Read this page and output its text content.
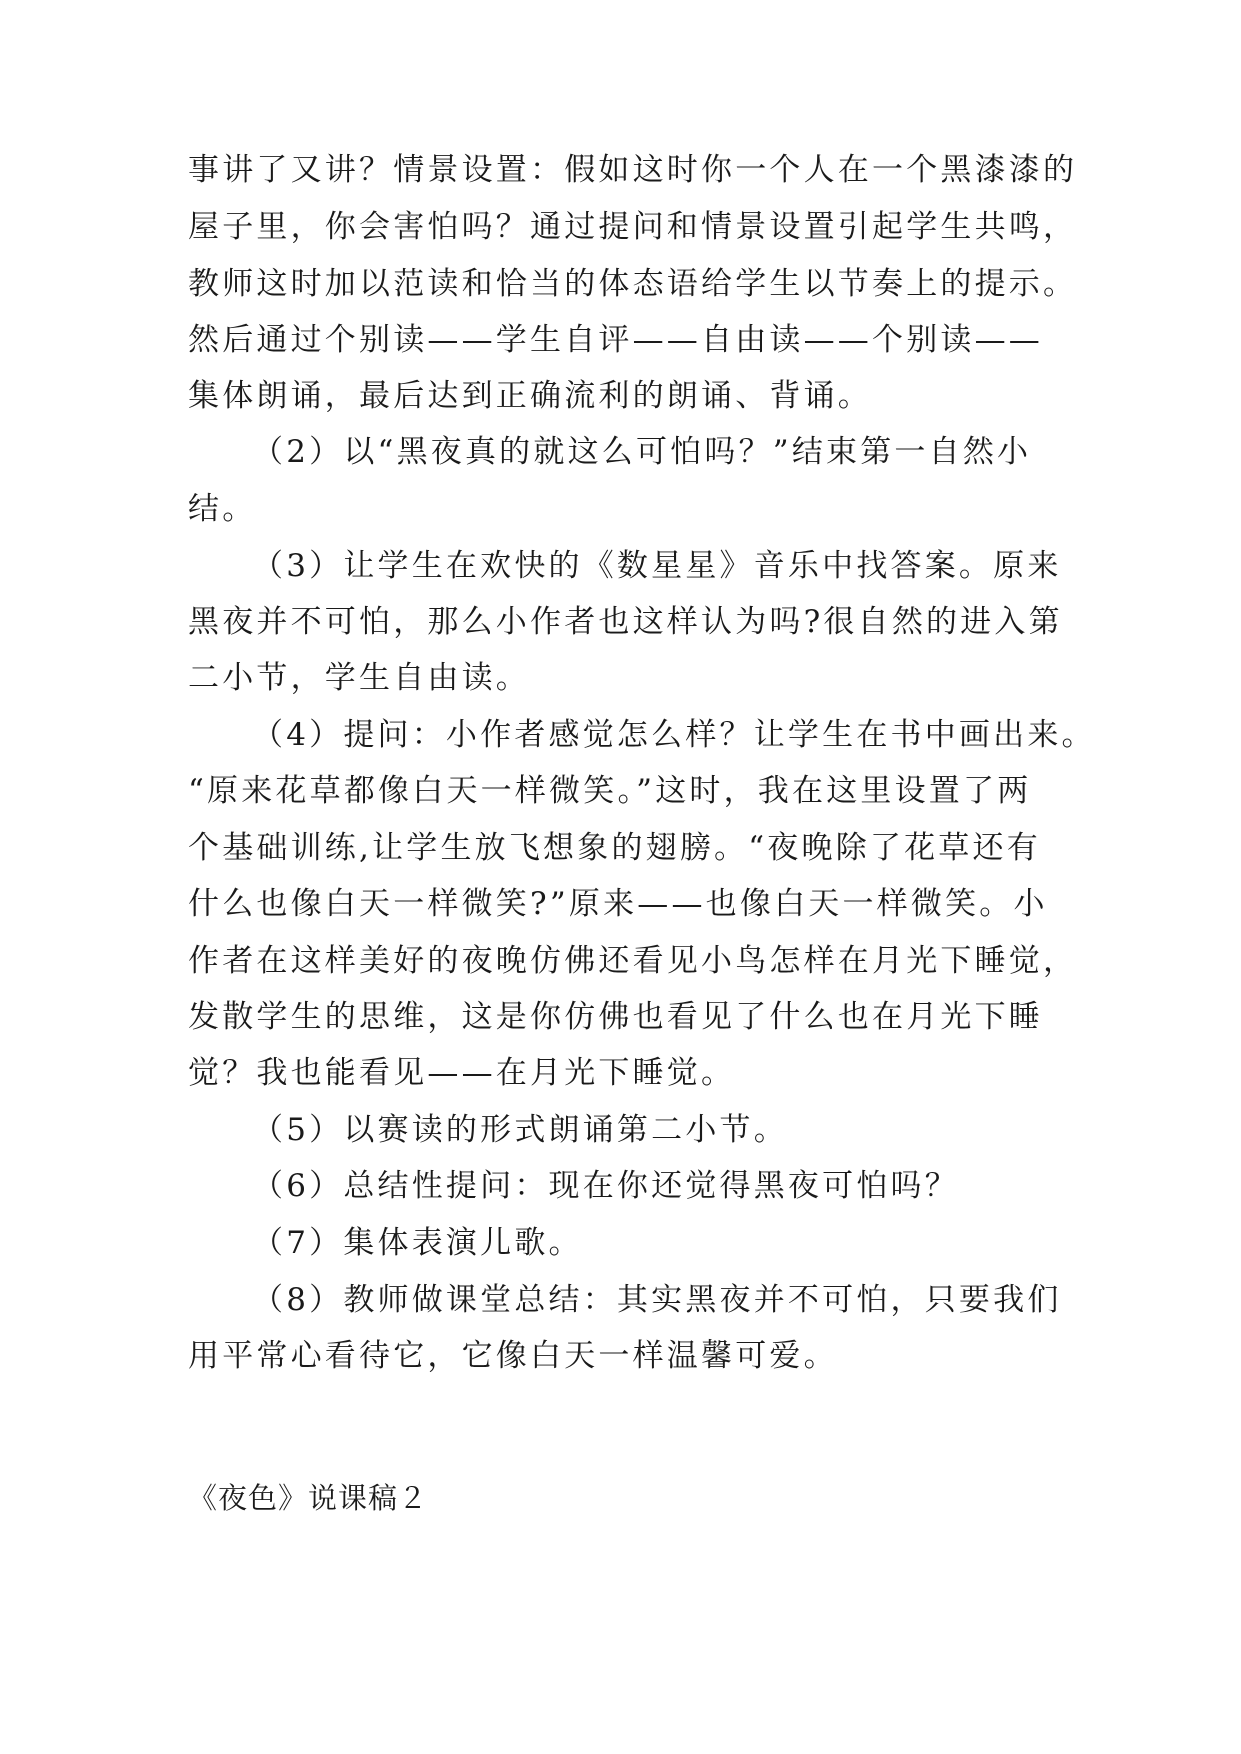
事讲了又讲？情景设置：假如这时你一个人在一个黑漆漆的
屋子里，你会害怕吗？通过提问和情景设置引起学生共鸣，
教师这时加以范读和恰当的体态语给学生以节奏上的提示。
然后通过个别读——学生自评——自由读——个别读——
集体朗诵，最后达到正确流利的朗诵、背诵。
（2）以“黑夜真的就这么可怕吗？”结束第一自然小
结。
（3）让学生在欢快的《数星星》音乐中找答案。原来
黑夜并不可怕，那么小作者也这样认为吗?很自然的进入第
二小节，学生自由读。
（4）提问：小作者感觉怎么样？让学生在书中画出来。
“原来花草都像白天一样微笑。”这时，我在这里设置了两
个基础训练,让学生放飞想象的翅膀。“夜晚除了花草还有
什么也像白天一样微笑?”原来——也像白天一样微笑。小
作者在这样美好的夜晚仿佛还看见小鸟怎样在月光下睡觉，
发散学生的思维，这是你仿佛也看见了什么也在月光下睡
觉？我也能看见——在月光下睡觉。
（5）以赛读的形式朗诵第二小节。
（6）总结性提问：现在你还觉得黑夜可怕吗？
（7）集体表演儿歌。
（8）教师做课堂总结：其实黑夜并不可怕，只要我们
用平常心看待它，它像白天一样温馨可爱。
《夜色》说课稿２
